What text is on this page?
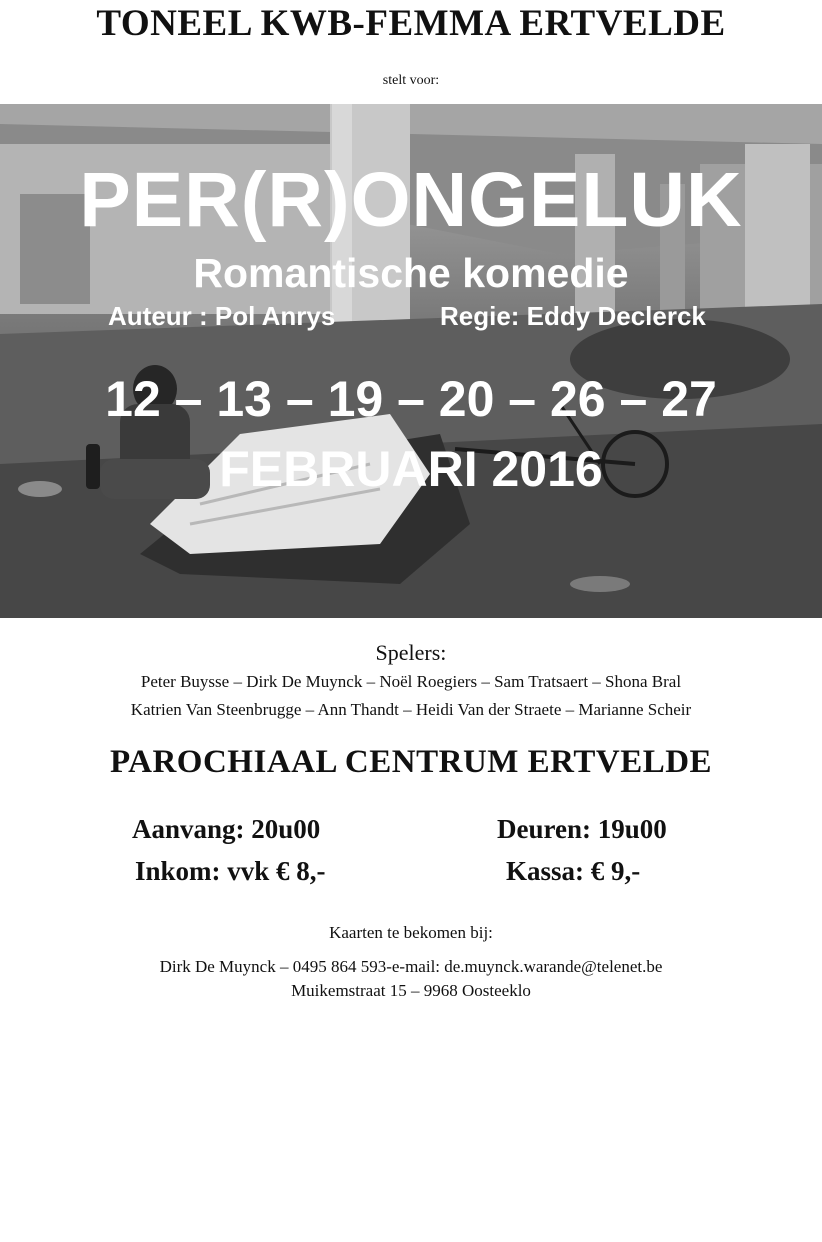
TONEEL KWB-FEMMA ERTVELDE
stelt voor:
PER(R)ONGELUK
Romantische komedie
Auteur : Pol Anrys	Regie: Eddy Declerck
12 – 13 – 19 – 20 – 26 – 27
FEBRUARI 2016
Spelers:
Peter Buysse – Dirk De Muynck – Noël Roegiers – Sam Tratsaert – Shona Bral
Katrien Van Steenbrugge – Ann Thandt – Heidi Van der Straete – Marianne Scheir
PAROCHIAAL CENTRUM ERTVELDE
Aanvang: 20u00	Deuren: 19u00
Inkom: vvk € 8,-	Kassa: € 9,-
Kaarten te bekomen bij:
Dirk De Muynck – 0495 864 593-e-mail: de.muynck.warande@telenet.be
Muikemstraat 15 – 9968 Oosteeklo
